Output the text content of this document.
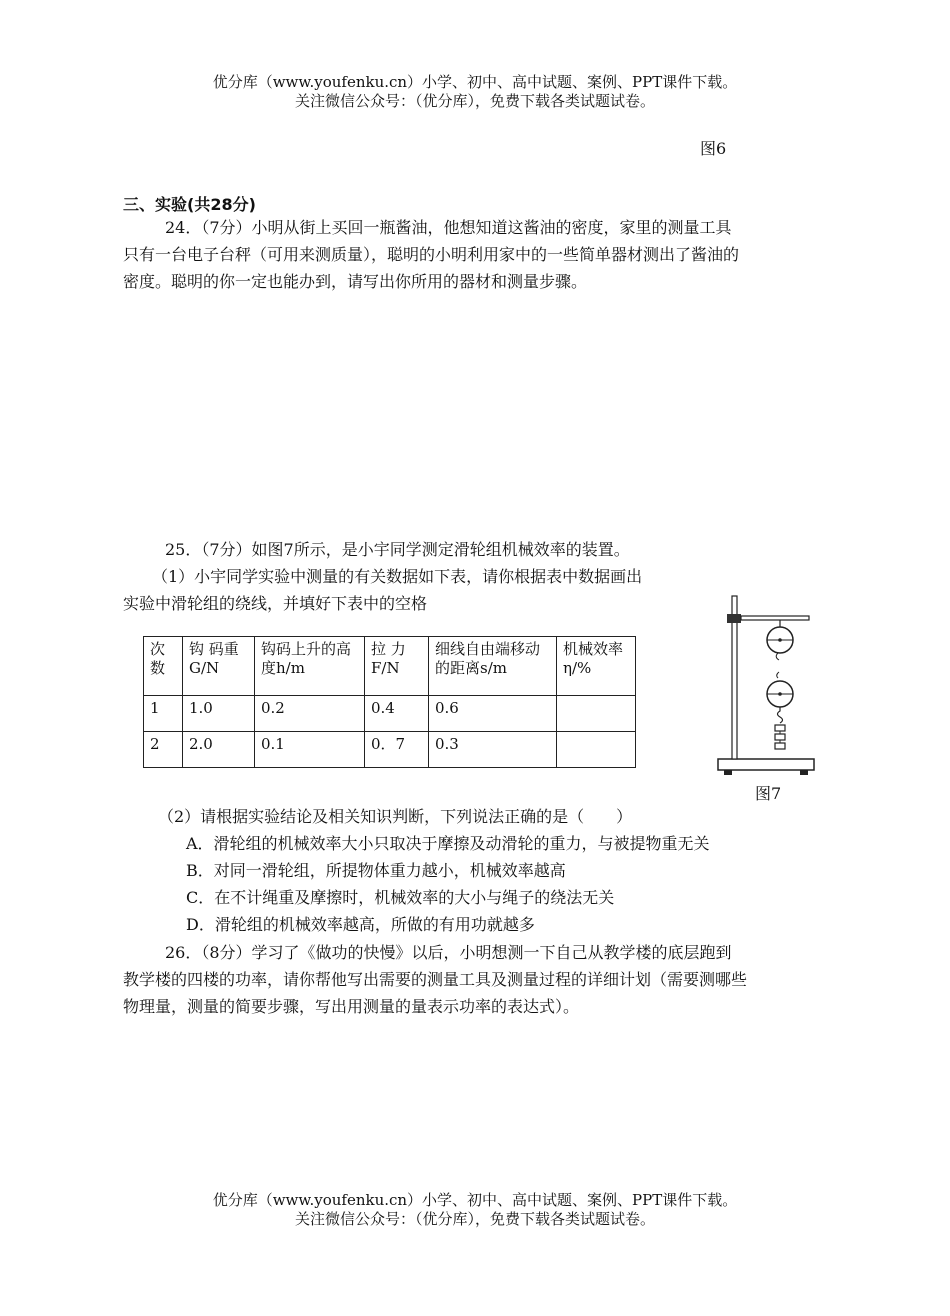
优分库（www.youfenku.cn）小学、初中、高中试题、案例、PPT课件下载。
关注微信公众号：（优分库），免费下载各类试题试卷。
图6
三、实验(共28分)
24．（7分）小明从街上买回一瓶酱油，他想知道这酱油的密度，家里的测量工具
只有一台电子台秤（可用来测质量），聪明的小明利用家中的一些简单器材测出了酱油的
密度。聪明的你一定也能办到，请写出你所用的器材和测量步骤。
25．（7分）如图7所示，是小宇同学测定滑轮组机械效率的装置。
（1）小宇同学实验中测量的有关数据如下表，请你根据表中数据画出
实验中滑轮组的绕线，并填好下表中的空格
次数	钩 码重G/N	钩码上升的高度h/m	拉 力F/N	细线自由端移动的距离s/m	机械效率 η/%
1	1.0	0.2	0.4	0.6	
2	2.0	0.1	0．7	0.3	
图7
（2）请根据实验结论及相关知识判断，下列说法正确的是（　　）
A．滑轮组的机械效率大小只取决于摩擦及动滑轮的重力，与被提物重无关
B．对同一滑轮组，所提物体重力越小，机械效率越高
C．在不计绳重及摩擦时，机械效率的大小与绳子的绕法无关
D．滑轮组的机械效率越高，所做的有用功就越多
26．（8分）学习了《做功的快慢》以后，小明想测一下自己从教学楼的底层跑到
教学楼的四楼的功率，请你帮他写出需要的测量工具及测量过程的详细计划（需要测哪些
物理量，测量的简要步骤，写出用测量的量表示功率的表达式）。
优分库（www.youfenku.cn）小学、初中、高中试题、案例、PPT课件下载。
关注微信公众号：（优分库），免费下载各类试题试卷。
